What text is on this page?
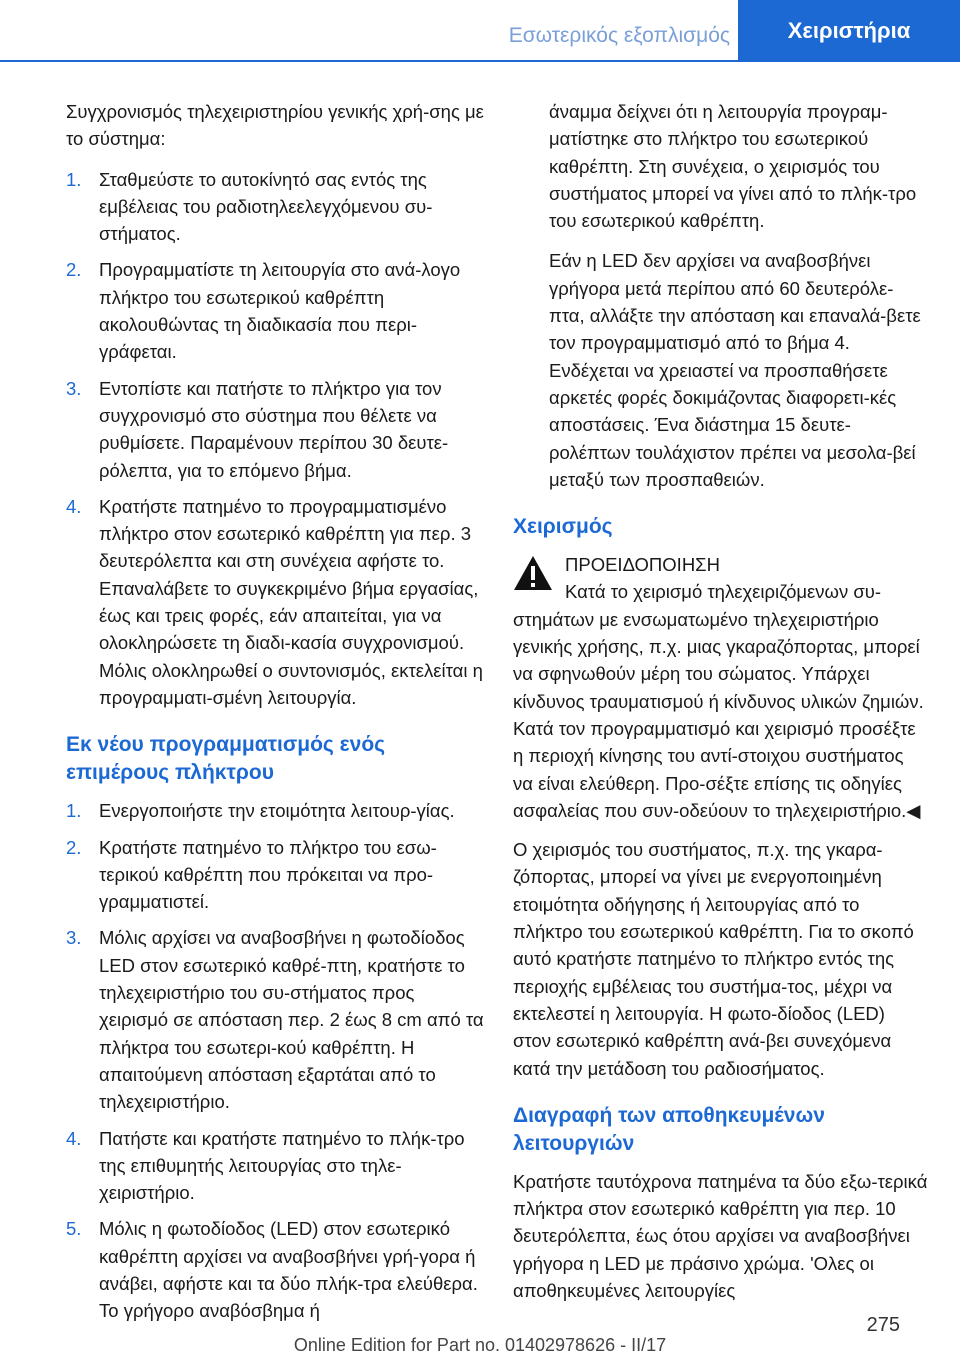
Εσωτερικός εξοπλισμός	Χειριστήρια

Συγχρονισμός τηλεχειριστηρίου γενικής χρή-σης με το σύστημα:

1. Σταθμεύστε το αυτοκίνητό σας εντός της εμβέλειας του ραδιοτηλεελεγχόμενου συ-στήματος.
2. Προγραμματίστε τη λειτουργία στο ανά-λογο πλήκτρο του εσωτερικού καθρέπτη ακολουθώντας τη διαδικασία που περι-γράφεται.
3. Εντοπίστε και πατήστε το πλήκτρο για τον συγχρονισμό στο σύστημα που θέλετε να ρυθμίσετε. Παραμένουν περίπου 30 δευτε-ρόλεπτα, για το επόμενο βήμα.
4. Κρατήστε πατημένο το προγραμματισμένο πλήκτρο στον εσωτερικό καθρέπτη για περ. 3 δευτερόλεπτα και στη συνέχεια αφήστε το. Επαναλάβετε το συγκεκριμένο βήμα εργασίας, έως και τρεις φορές, εάν απαιτείται, για να ολοκληρώσετε τη διαδι-κασία συγχρονισμού. Μόλις ολοκληρωθεί ο συντονισμός, εκτελείται η προγραμματι-σμένη λειτουργία.
Εκ νέου προγραμματισμός ενός επιμέρους πλήκτρου
1. Ενεργοποιήστε την ετοιμότητα λειτουρ-γίας.
2. Κρατήστε πατημένο το πλήκτρο του εσω-τερικού καθρέπτη που πρόκειται να προ-γραμματιστεί.
3. Μόλις αρχίσει να αναβοσβήνει η φωτοδίοδος LED στον εσωτερικό καθρέ-πτη, κρατήστε το τηλεχειριστήριο του συ-στήματος προς χειρισμό σε απόσταση περ. 2 έως 8 cm από τα πλήκτρα του εσωτερι-κού καθρέπτη. Η απαιτούμενη απόσταση εξαρτάται από το τηλεχειριστήριο.
4. Πατήστε και κρατήστε πατημένο το πλήκ-τρο της επιθυμητής λειτουργίας στο τηλε-χειριστήριο.
5. Μόλις η φωτοδίοδος (LED) στον εσωτερικό καθρέπτη αρχίσει να αναβοσβήνει γρή-γορα ή ανάβει, αφήστε και τα δύο πλήκ-τρα ελεύθερα. Το γρήγορο αναβόσβημα ή

άναμμα δείχνει ότι η λειτουργία προγραμ-ματίστηκε στο πλήκτρο του εσωτερικού καθρέπτη. Στη συνέχεια, ο χειρισμός του συστήματος μπορεί να γίνει από το πλήκ-τρο του εσωτερικού καθρέπτη.

Εάν η LED δεν αρχίσει να αναβοσβήνει γρήγορα μετά περίπου από 60 δευτερόλε-πτα, αλλάξτε την απόσταση και επαναλά-βετε τον προγραμματισμό από το βήμα 4. Ενδέχεται να χρειαστεί να προσπαθήσετε αρκετές φορές δοκιμάζοντας διαφορετι-κές αποστάσεις. Ένα διάστημα 15 δευτε-ρολέπτων τουλάχιστον πρέπει να μεσολα-βεί μεταξύ των προσπαθειών.

Χειρισμός
ΠΡΟΕΙΔΟΠΟΙΗΣΗ
Κατά το χειρισμό τηλεχειριζόμενων συ-
στημάτων με ενσωματωμένο τηλεχειριστήριο γενικής χρήσης, π.χ. μιας γκαραζόπορτας, μπορεί να σφηνωθούν μέρη του σώματος. Υπάρχει κίνδυνος τραυματισμού ή κίνδυνος υλικών ζημιών. Κατά τον προγραμματισμό και χειρισμό προσέξτε η περιοχή κίνησης του αντί-στοιχου συστήματος να είναι ελεύθερη. Προ-σέξτε επίσης τις οδηγίες ασφαλείας που συν-οδεύουν το τηλεχειριστήριο.◀

Ο χειρισμός του συστήματος, π.χ. της γκαρα-ζόπορτας, μπορεί να γίνει με ενεργοποιημένη ετοιμότητα οδήγησης ή λειτουργίας από το πλήκτρο του εσωτερικού καθρέπτη. Για το σκοπό αυτό κρατήστε πατημένο το πλήκτρο εντός της περιοχής εμβέλειας του συστήμα-τος, μέχρι να εκτελεστεί η λειτουργία. Η φωτο-δίοδος (LED) στον εσωτερικό καθρέπτη ανά-βει συνεχόμενα κατά την μετάδοση του ραδιοσήματος.

Διαγραφή των αποθηκευμένων λειτουργιών

Κρατήστε ταυτόχρονα πατημένα τα δύο εξω-τερικά πλήκτρα στον εσωτερικό καθρέπτη για περ. 10 δευτερόλεπτα, έως ότου αρχίσει να αναβοσβήνει γρήγορα η LED με πράσινο χρώμα. 'Ολες οι αποθηκευμένες λειτουργίες

275
Online Edition for Part no. 01402978626 - II/17
